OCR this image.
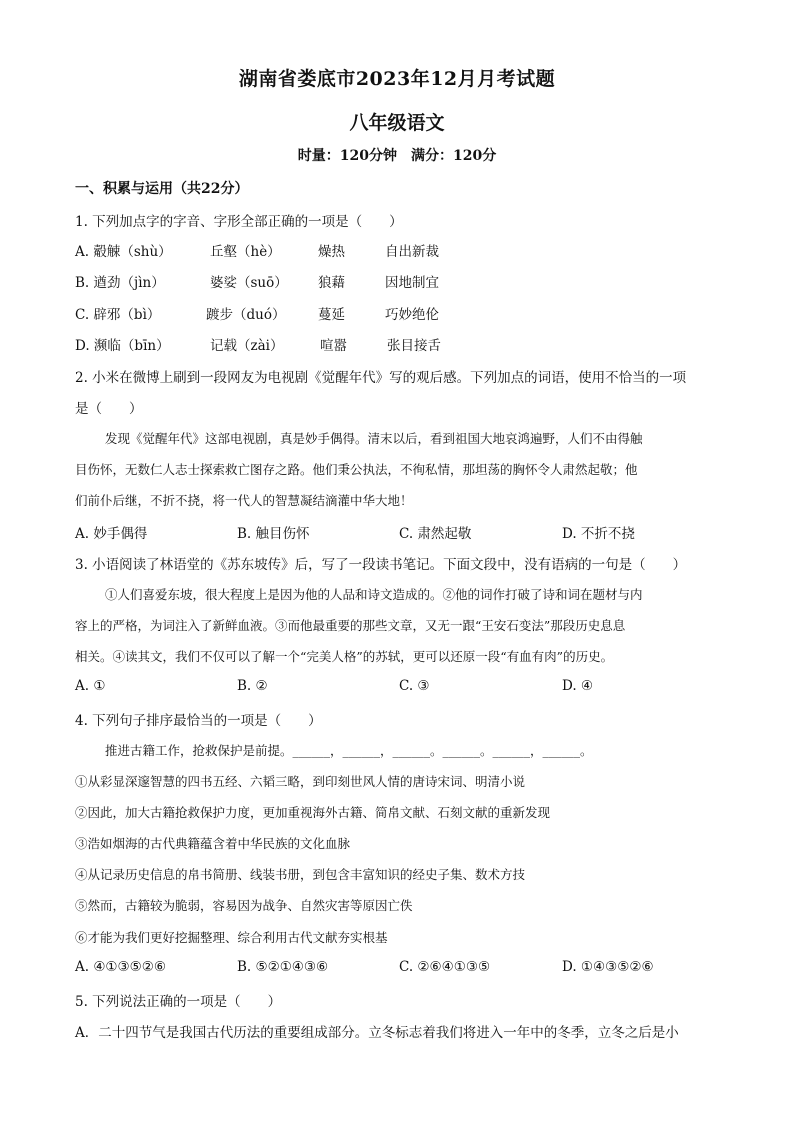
湖南省娄底市2023年12月月考试题
八年级语文
时量：120分钟　满分：120分
一、积累与运用（共22分）
1. 下列加点字的字音、字形全部正确的一项是（　　）
A. 觳觫（shù）	丘壑（hè）	燥热	自出新裁
B. 遒劲（jìn）	婆娑（suō） 狼藉	因地制宜
C. 辟邪（bì）	踱步（duó） 蔓延	巧妙绝伦
D. 濒临（bīn）	记载（zài）	喧嚣	张目接舌
2. 小米在微博上刷到一段网友为电视剧《觉醒年代》写的观后感。下列加点的词语，使用不恰当的一项
是（　　）
发现《觉醒年代》这部电视剧，真是妙手偶得。清末以后，看到祖国大地哀鸿遍野，人们不由得触
目伤怀，无数仁人志士探索救亡图存之路。他们秉公执法，不徇私情，那坦荡的胸怀令人肃然起敬；他
们前仆后继，不折不挠，将一代人的智慧凝结滴灌中华大地！
A. 妙手偶得	B. 触目伤怀	C. 肃然起敬	D. 不折不挠
3. 小语阅读了林语堂的《苏东坡传》后，写了一段读书笔记。下面文段中，没有语病的一句是（　　）
①人们喜爱东坡，很大程度上是因为他的人品和诗文造成的。②他的词作打破了诗和词在题材与内
容上的严格，为词注入了新鲜血液。③而他最重要的那些文章，又无一跟“王安石变法”那段历史息息
相关。④读其文，我们不仅可以了解一个“完美人格”的苏轼，更可以还原一段“有血有肉”的历史。
A. ①	B. ②	C. ③	D. ④
4. 下列句子排序最恰当的一项是（　　）
推进古籍工作，抢救保护是前提。______，______，______。______。______，______。
①从彩显深邃智慧的四书五经、六韬三略，到印刻世风人情的唐诗宋词、明清小说
②因此，加大古籍抢救保护力度，更加重视海外古籍、简帛文献、石刻文献的重新发现
③浩如烟海的古代典籍蕴含着中华民族的文化血脉
④从记录历史信息的帛书简册、线装书册，到包含丰富知识的经史子集、数术方技
⑤然而，古籍较为脆弱，容易因为战争、自然灾害等原因亡佚
⑥才能为我们更好挖掘整理、综合利用古代文献夯实根基
A. ④①③⑤②⑥	B. ⑤②①④③⑥	C. ②⑥④①③⑤	D. ①④③⑤②⑥
5. 下列说法正确的一项是（　　）
A．二十四节气是我国古代历法的重要组成部分。立冬标志着我们将进入一年中的冬季，立冬之后是小
